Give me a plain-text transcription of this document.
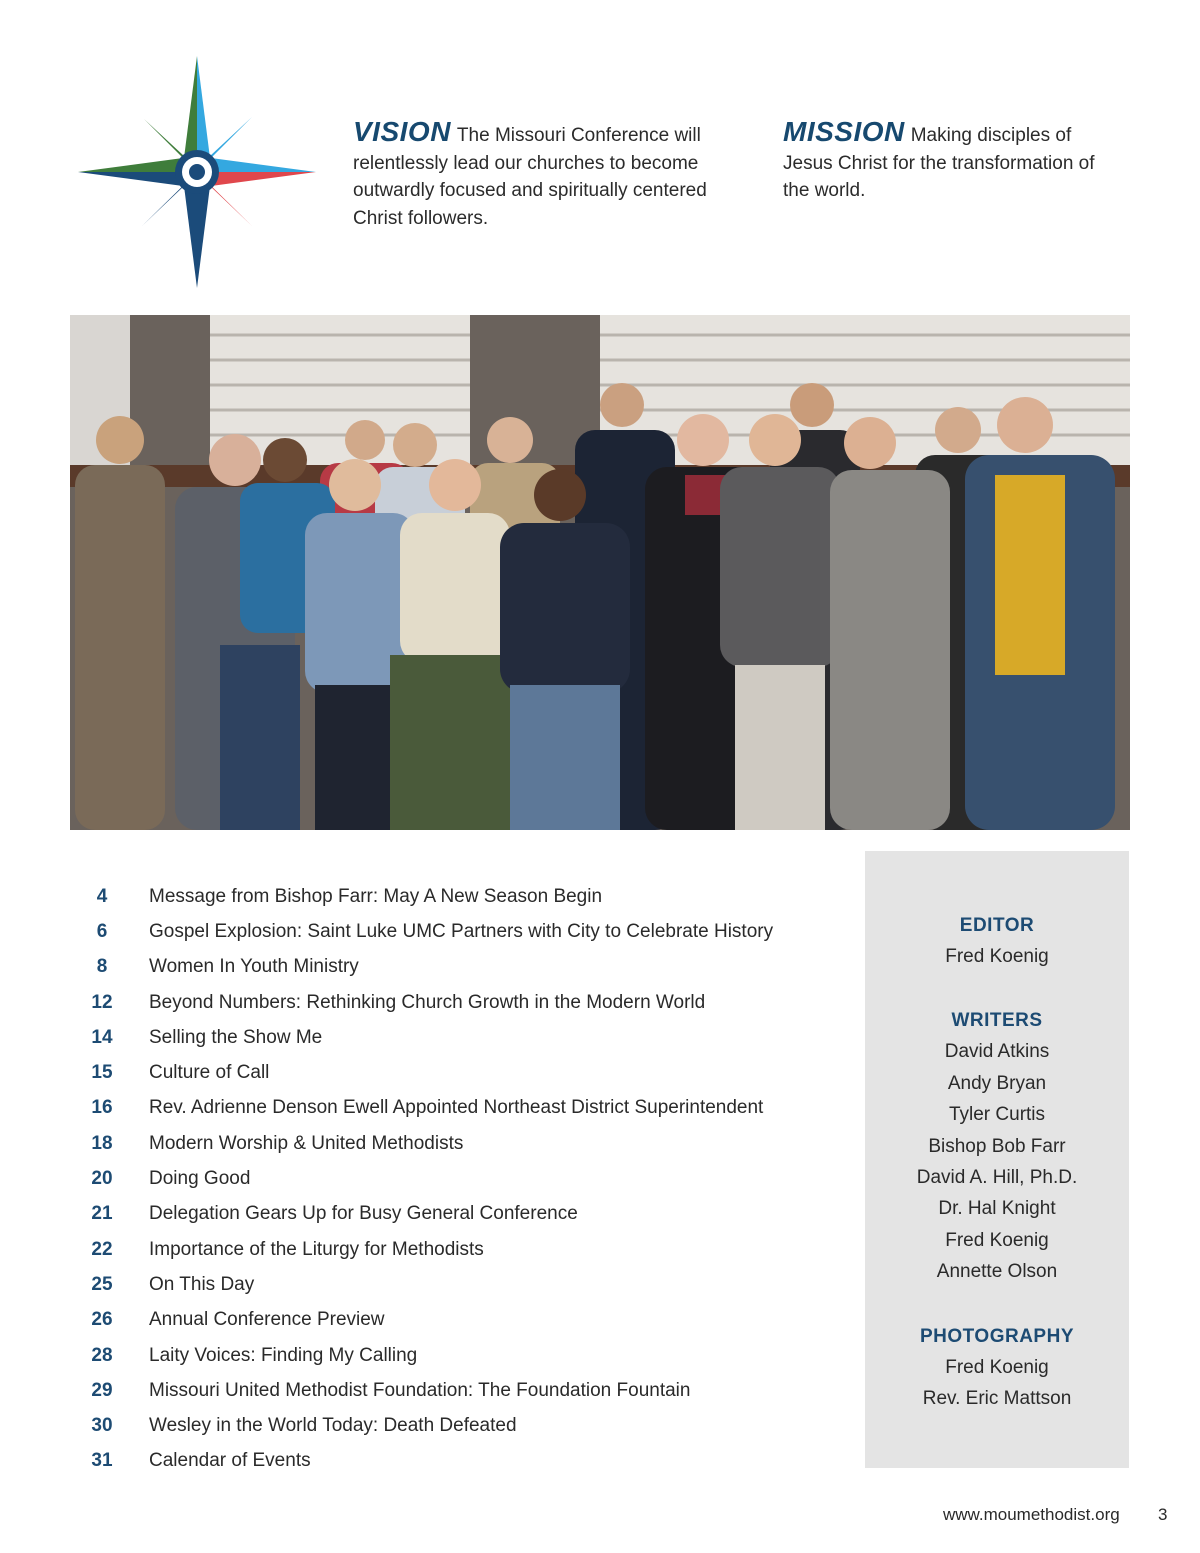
VISION The Missouri Conference will relentlessly lead our churches to become outwardly focused and spiritually centered Christ followers.
MISSION Making disciples of Jesus Christ for the transformation of the world.
4	Message from Bishop Farr: May A New Season Begin
6	Gospel Explosion: Saint Luke UMC Partners with City to Celebrate History
8	Women In Youth Ministry
12	Beyond Numbers: Rethinking Church Growth in the Modern World
14	Selling the Show Me
15	Culture of Call
16	Rev. Adrienne Denson Ewell Appointed Northeast District Superintendent
18	Modern Worship & United Methodists
20	Doing Good
21	Delegation Gears Up for Busy General Conference
22	Importance of the Liturgy for Methodists
25	On This Day
26	Annual Conference Preview
28	Laity Voices: Finding My Calling
29	Missouri United Methodist Foundation: The Foundation Fountain
30	Wesley in the World Today: Death Defeated
31	Calendar of Events
EDITOR
Fred Koenig
WRITERS
David Atkins
Andy Bryan
Tyler Curtis
Bishop Bob Farr
David A. Hill, Ph.D.
Dr. Hal Knight
Fred Koenig
Annette Olson
PHOTOGRAPHY
Fred Koenig
Rev. Eric Mattson
www.moumethodist.org 3
